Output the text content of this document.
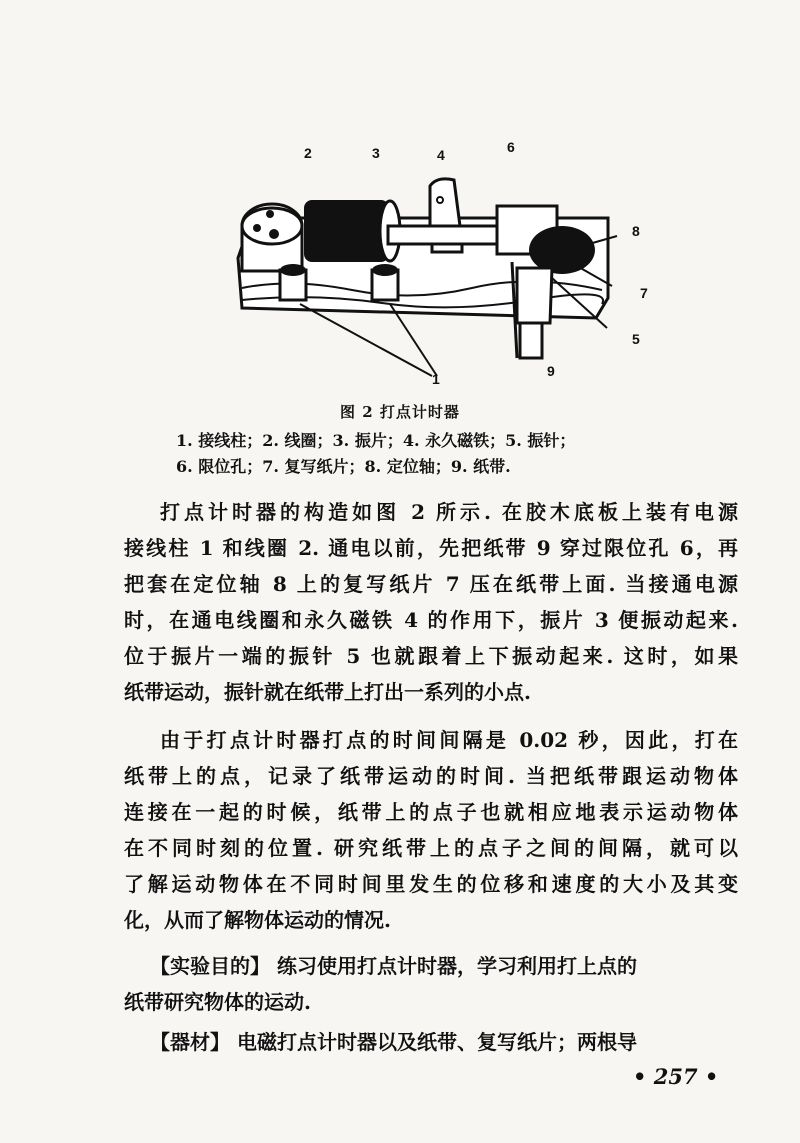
2	3	4	6
8
7
5
9
1
图 2 打点计时器
1. 接线柱；2. 线圈；3. 振片；4. 永久磁铁；5. 振针；
6. 限位孔；7. 复写纸片；8. 定位轴；9. 纸带.
打点计时器的构造如图 2 所示. 在胶木底板上装有电源
接线柱 1 和线圈 2. 通电以前，先把纸带 9 穿过限位孔 6，再
把套在定位轴 8 上的复写纸片 7 压在纸带上面. 当接通电源
时，在通电线圈和永久磁铁 4 的作用下，振片 3 便振动起来.
位于振片一端的振针 5 也就跟着上下振动起来. 这时，如果
纸带运动，振针就在纸带上打出一系列的小点.
由于打点计时器打点的时间间隔是 0.02 秒，因此，打在
纸带上的点，记录了纸带运动的时间. 当把纸带跟运动物体
连接在一起的时候，纸带上的点子也就相应地表示运动物体
在不同时刻的位置. 研究纸带上的点子之间的间隔，就可以
了解运动物体在不同时间里发生的位移和速度的大小及其变
化，从而了解物体运动的情况.
【实验目的】 练习使用打点计时器，学习利用打上点的
纸带研究物体的运动.
【器材】 电磁打点计时器以及纸带、复写纸片；两根导
• 257 •
